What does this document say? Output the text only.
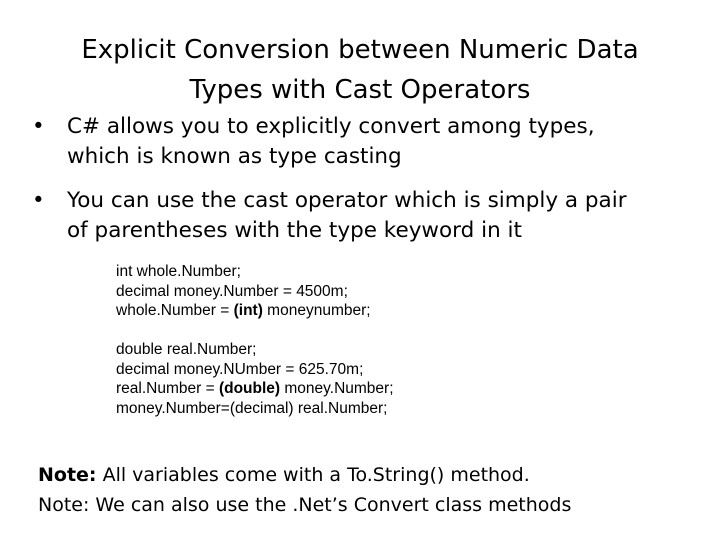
Explicit Conversion between Numeric Data
Types with Cast Operators
• C# allows you to explicitly convert among types,
which is known as type casting
• You can use the cast operator which is simply a pair
of parentheses with the type keyword in it
int whole.Number;
decimal money.Number = 4500m;
whole.Number = (int) moneynumber;
double real.Number;
decimal money.NUmber = 625.70m;
real.Number = (double) money.Number;
money.Number=(decimal) real.Number;
Note: All variables come with a To.String() method.
Note: We can also use the .Net’s Convert class methods
